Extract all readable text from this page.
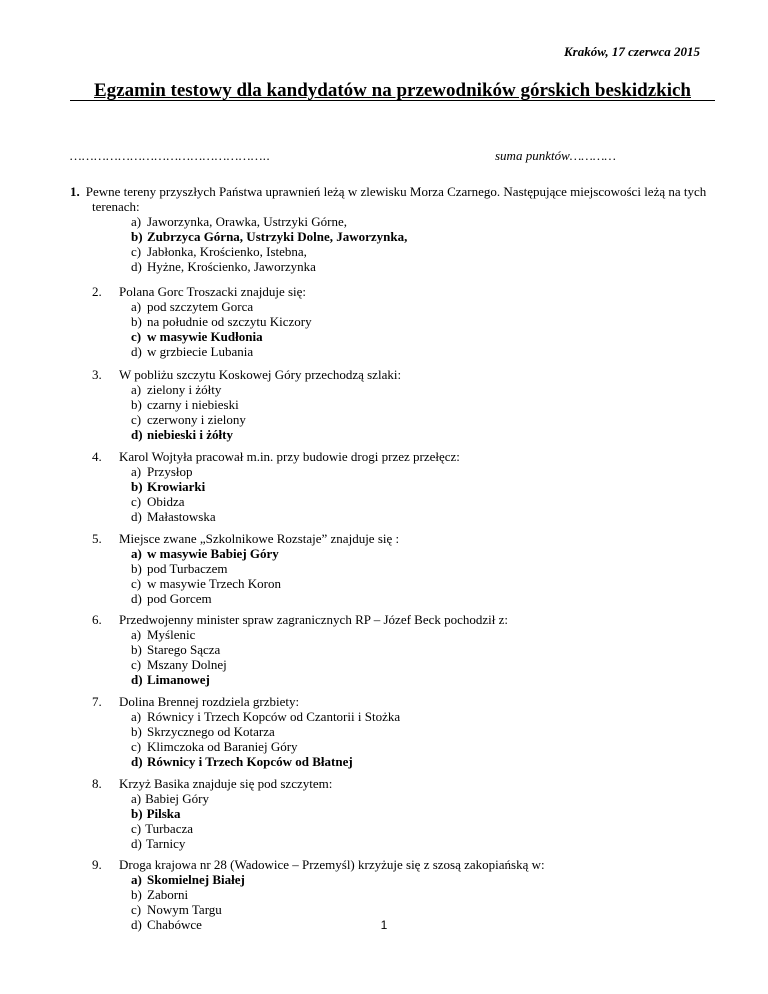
Kraków, 17 czerwca 2015
Egzamin testowy dla kandydatów na przewodników górskich beskidzkich
…………………………………………..	suma punktów…………
1. Pewne tereny przyszłych Państwa uprawnień leżą w zlewisku Morza Czarnego. Następujące miejscowości leżą na tych terenach:
a) Jaworzynka, Orawka, Ustrzyki Górne,
b) Zubrzyca Górna, Ustrzyki Dolne, Jaworzynka,
c) Jabłonka, Krościenko, Istebna,
d) Hyżne, Krościenko, Jaworzynka
2.	Polana Gorc Troszacki znajduje się:
a) pod szczytem Gorca
b) na południe od szczytu Kiczory
c) w masywie Kudłonia
d) w grzbiecie Lubania
3.	W pobliżu szczytu Koskowej Góry przechodzą szlaki:
a) zielony i żółty
b) czarny i niebieski
c) czerwony i zielony
d) niebieski i żółty
4.	Karol Wojtyła pracował m.in. przy budowie drogi przez przełęcz:
a) Przysłop
b) Krowiarki
c) Obidza
d) Małastowska
5.	Miejsce zwane „Szkolnikowe Rozstaje” znajduje się :
a) w masywie Babiej Góry
b) pod Turbaczem
c) w masywie Trzech Koron
d) pod Gorcem
6.	Przedwojenny minister spraw zagranicznych RP – Józef Beck pochodził z:
a) Myślenic
b) Starego Sącza
c) Mszany Dolnej
d) Limanowej
7.	Dolina Brennej rozdziela grzbiety:
a) Równicy i Trzech Kopców od Czantorii i Stożka
b) Skrzycznego od Kotarza
c) Klimczoka od Baraniej Góry
d) Równicy i Trzech Kopców od Błatnej
8.	Krzyż Basika znajduje się pod szczytem:
a) Babiej Góry
b) Pilska
c) Turbacza
d) Tarnicy
9.	Droga krajowa nr 28 (Wadowice – Przemyśl) krzyżuje się z szosą zakopiańską w:
a) Skomielnej Białej
b) Zaborni
c) Nowym Targu
d) Chabówce	1
